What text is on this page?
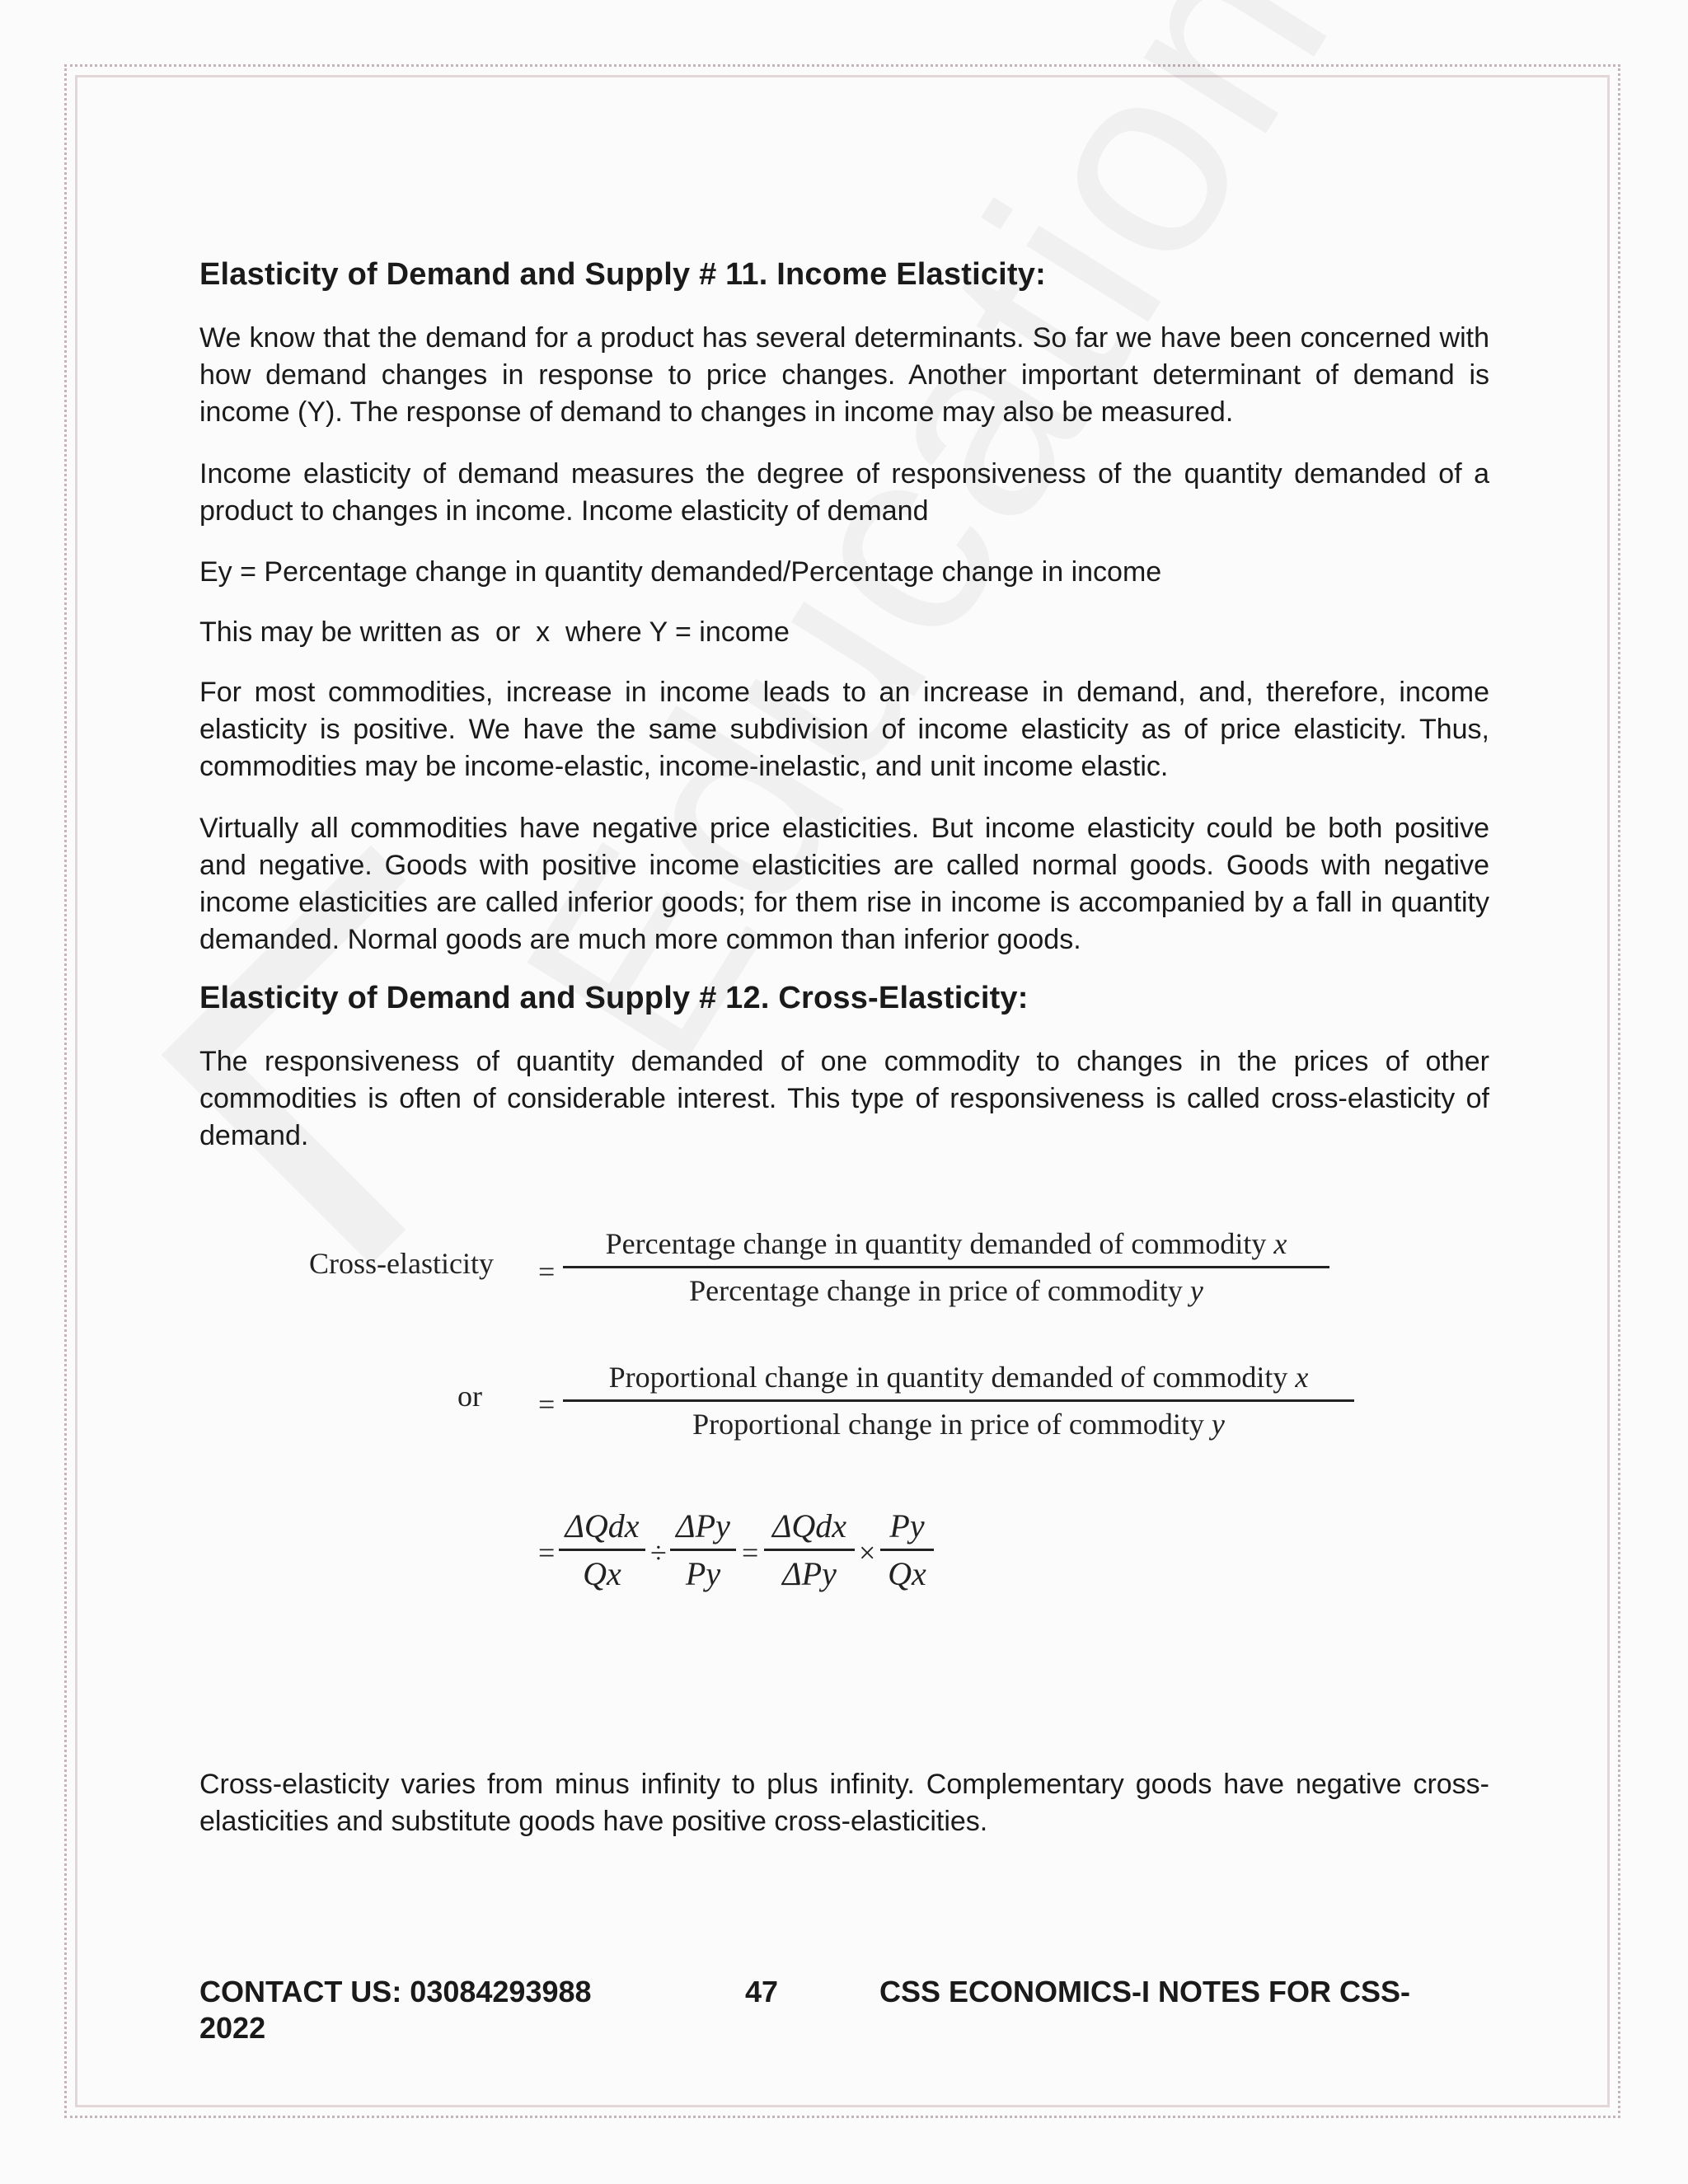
Elasticity of Demand and Supply # 11. Income Elasticity:

We know that the demand for a product has several determinants. So far we have been concerned with how demand changes in response to price changes. Another important determinant of demand is income (Y). The response of demand to changes in income may also be measured.

Income elasticity of demand measures the degree of responsiveness of the quantity demanded of a product to changes in income. Income elasticity of demand

Ey = Percentage change in quantity demanded/Percentage change in income

This may be written as  or  x  where Y = income

For most commodities, increase in income leads to an increase in demand, and, therefore, income elasticity is positive. We have the same subdivision of income elasticity as of price elasticity. Thus, commodities may be income-elastic, income-inelastic, and unit income elastic.

Virtually all commodities have negative price elasticities. But income elasticity could be both positive and negative. Goods with positive income elasticities are called normal goods. Goods with negative income elasticities are called inferior goods; for them rise in income is accompanied by a fall in quantity demanded. Normal goods are much more common than inferior goods.

Elasticity of Demand and Supply # 12. Cross-Elasticity:

The responsiveness of quantity demanded of one commodity to changes in the prices of other commodities is often of considerable interest. This type of responsiveness is called cross-elasticity of demand.

Cross-elasticity varies from minus infinity to plus infinity. Complementary goods have negative cross-elasticities and substitute goods have positive cross-elasticities.

Cross-elasticity =
Percentage change in quantity demanded of commodity x
Percentage change in price of commodity y
or =
Proportional change in quantity demanded of commodity x
Proportional change in price of commodity y
=
ΔQdx
Qx
÷
ΔPy
Py
=
ΔQdx
ΔPy
× $\frac{Py}{Qx}$
CONTACT US: 03084293988	47	CSS ECONOMICS-I NOTES FOR CSS-
2022
